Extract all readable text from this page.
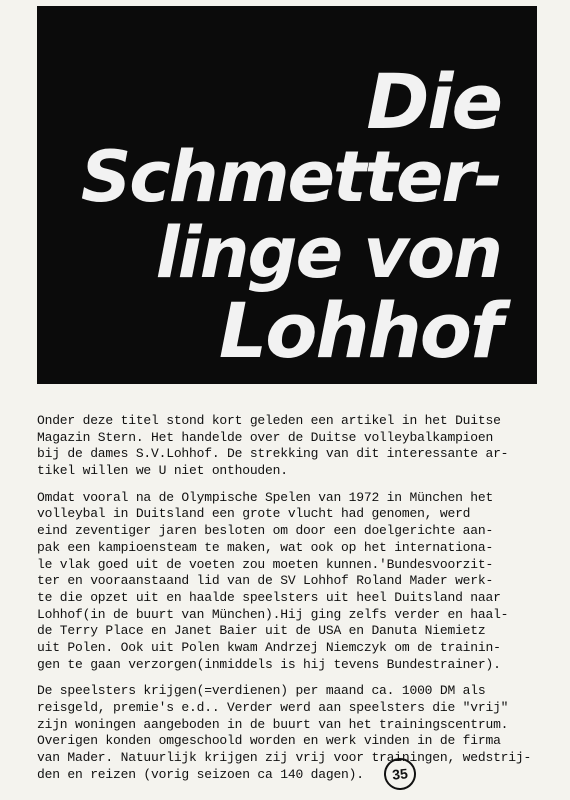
Die
Schmetter-
linge von
Lohhof
Onder deze titel stond kort geleden een artikel in het Duitse
Magazin Stern. Het handelde over de Duitse volleybalkampioen
bij de dames S.V.Lohhof. De strekking van dit interessante ar-
tikel willen we U niet onthouden.
Omdat vooral na de Olympische Spelen van 1972 in München het
volleybal in Duitsland een grote vlucht had genomen, werd
eind zeventiger jaren besloten om door een doelgerichte aan-
pak een kampioensteam te maken, wat ook op het internationa-
le vlak goed uit de voeten zou moeten kunnen.'Bundesvoorzit-
ter en vooraanstaand lid van de SV Lohhof Roland Mader werk-
te die opzet uit en haalde speelsters uit heel Duitsland naar
Lohhof(in de buurt van München).Hij ging zelfs verder en haal-
de Terry Place en Janet Baier uit de USA en Danuta Niemietz
uit Polen. Ook uit Polen kwam Andrzej Niemczyk om de trainin-
gen te gaan verzorgen(inmiddels is hij tevens Bundestrainer).
De speelsters krijgen(=verdienen) per maand ca. 1000 DM als
reisgeld, premie's e.d.. Verder werd aan speelsters die "vrij"
zijn woningen aangeboden in de buurt van het trainingscentrum.
Overigen konden omgeschoold worden en werk vinden in de firma
van Mader. Natuurlijk krijgen zij vrij voor trainingen, wedstrij-
den en reizen (vorig seizoen ca 140 dagen).	35
